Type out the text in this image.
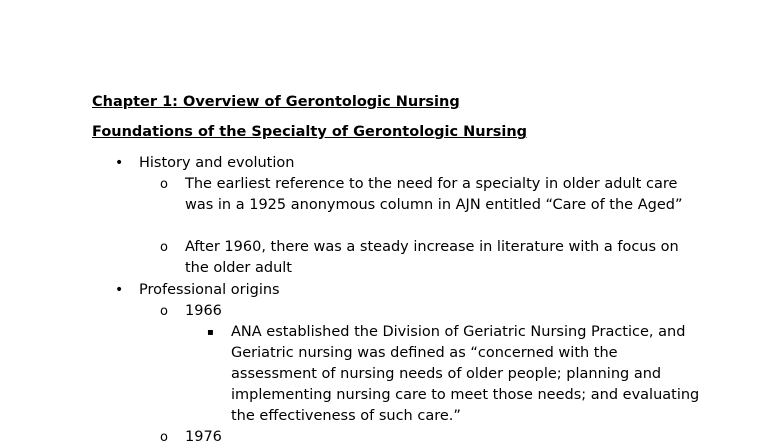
Chapter 1: Overview of Gerontologic Nursing
Foundations of the Specialty of Gerontologic Nursing
• History and evolution
o The earliest reference to the need for a specialty in older adult care was in a 1925 anonymous column in AJN entitled “Care of the Aged”
o After 1960, there was a steady increase in literature with a focus on the older adult
• Professional origins
o 1966
▪ ANA established the Division of Geriatric Nursing Practice, and Geriatric nursing was defined as “concerned with the assessment of nursing needs of older people; planning and implementing nursing care to meet those needs; and evaluating the effectiveness of such care.”
o 1976
